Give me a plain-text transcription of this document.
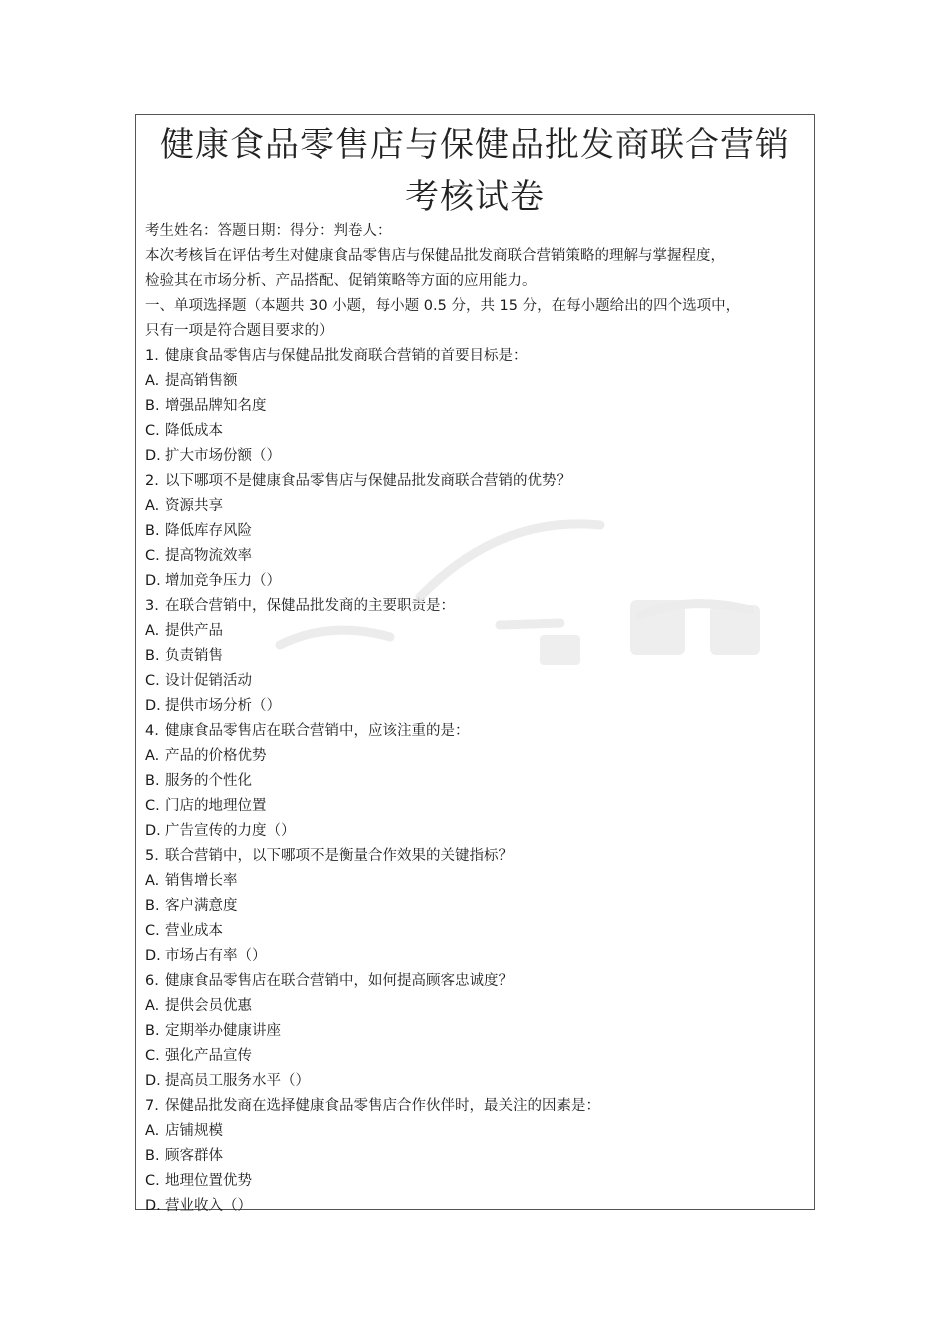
健康食品零售店与保健品批发商联合营销
考核试卷
考生姓名：答题日期：得分：判卷人：
本次考核旨在评估考生对健康食品零售店与保健品批发商联合营销策略的理解与掌握程度，
检验其在市场分析、产品搭配、促销策略等方面的应用能力。
一、单项选择题（本题共 30 小题，每小题 0.5 分，共 15 分，在每小题给出的四个选项中，
只有一项是符合题目要求的）
1. 健康食品零售店与保健品批发商联合营销的首要目标是：
A. 提高销售额
B. 增强品牌知名度
C. 降低成本
D. 扩大市场份额（）
2. 以下哪项不是健康食品零售店与保健品批发商联合营销的优势？
A. 资源共享
B. 降低库存风险
C. 提高物流效率
D. 增加竞争压力（）
3. 在联合营销中，保健品批发商的主要职责是：
A. 提供产品
B. 负责销售
C. 设计促销活动
D. 提供市场分析（）
4. 健康食品零售店在联合营销中，应该注重的是：
A. 产品的价格优势
B. 服务的个性化
C. 门店的地理位置
D. 广告宣传的力度（）
5. 联合营销中，以下哪项不是衡量合作效果的关键指标？
A. 销售增长率
B. 客户满意度
C. 营业成本
D. 市场占有率（）
6. 健康食品零售店在联合营销中，如何提高顾客忠诚度？
A. 提供会员优惠
B. 定期举办健康讲座
C. 强化产品宣传
D. 提高员工服务水平（）
7. 保健品批发商在选择健康食品零售店合作伙伴时，最关注的因素是：
A. 店铺规模
B. 顾客群体
C. 地理位置优势
D. 营业收入（）
